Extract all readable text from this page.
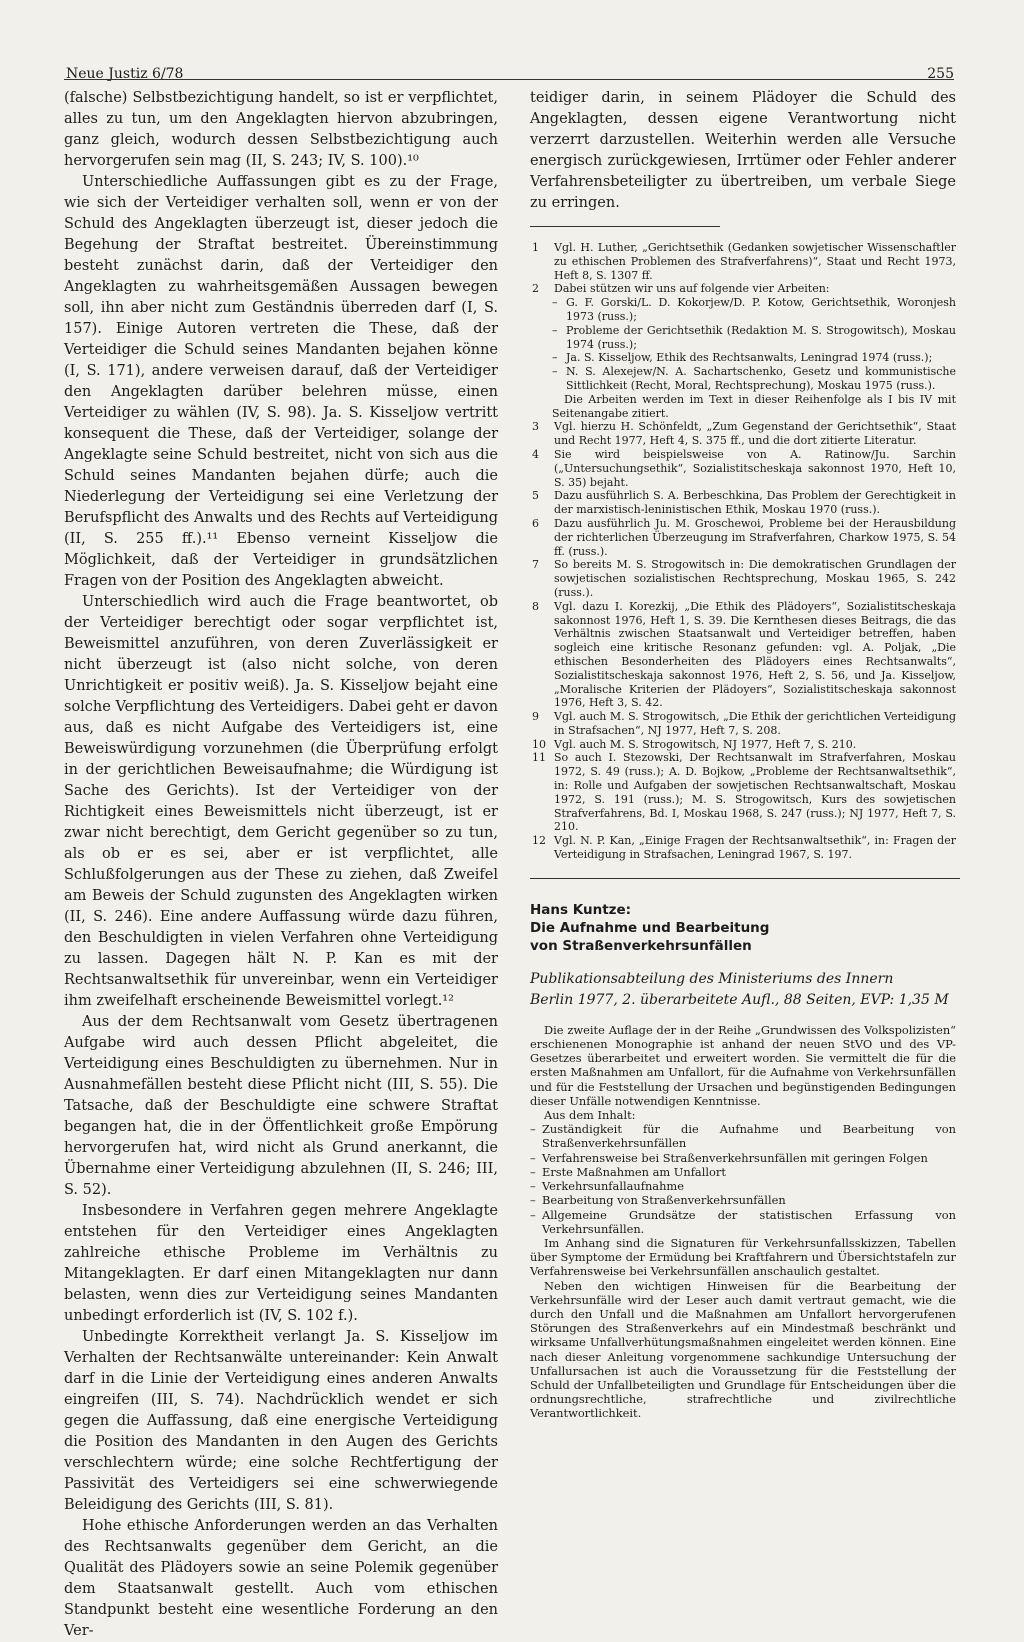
Neue Justiz 6/78	255

(falsche) Selbstbezichtigung handelt, so ist er verpflichtet, alles zu tun, um den Angeklagten hiervon abzubringen, ganz gleich, wodurch dessen Selbstbezichtigung auch hervorgerufen sein mag (II, S. 243; IV, S. 100).¹⁰

Unterschiedliche Auffassungen gibt es zu der Frage, wie sich der Verteidiger verhalten soll, wenn er von der Schuld des Angeklagten überzeugt ist, dieser jedoch die Begehung der Straftat bestreitet. Übereinstimmung besteht zunächst darin, daß der Verteidiger den Angeklagten zu wahrheitsgemäßen Aussagen bewegen soll, ihn aber nicht zum Geständnis überreden darf (I, S. 157). Einige Autoren vertreten die These, daß der Verteidiger die Schuld seines Mandanten bejahen könne (I, S. 171), andere verweisen darauf, daß der Verteidiger den Angeklagten darüber belehren müsse, einen Verteidiger zu wählen (IV, S. 98). Ja. S. Kisseljow vertritt konsequent die These, daß der Verteidiger, solange der Angeklagte seine Schuld bestreitet, nicht von sich aus die Schuld seines Mandanten bejahen dürfe; auch die Niederlegung der Verteidigung sei eine Verletzung der Berufspflicht des Anwalts und des Rechts auf Verteidigung (II, S. 255 ff.).¹¹ Ebenso verneint Kisseljow die Möglichkeit, daß der Verteidiger in grundsätzlichen Fragen von der Position des Angeklagten abweicht.

Unterschiedlich wird auch die Frage beantwortet, ob der Verteidiger berechtigt oder sogar verpflichtet ist, Beweismittel anzuführen, von deren Zuverlässigkeit er nicht überzeugt ist (also nicht solche, von deren Unrichtigkeit er positiv weiß). Ja. S. Kisseljow bejaht eine solche Verpflichtung des Verteidigers. Dabei geht er davon aus, daß es nicht Aufgabe des Verteidigers ist, eine Beweiswürdigung vorzunehmen (die Überprüfung erfolgt in der gerichtlichen Beweisaufnahme; die Würdigung ist Sache des Gerichts). Ist der Verteidiger von der Richtigkeit eines Beweismittels nicht überzeugt, ist er zwar nicht berechtigt, dem Gericht gegenüber so zu tun, als ob er es sei, aber er ist verpflichtet, alle Schlußfolgerungen aus der These zu ziehen, daß Zweifel am Beweis der Schuld zugunsten des Angeklagten wirken (II, S. 246). Eine andere Auffassung würde dazu führen, den Beschuldigten in vielen Verfahren ohne Verteidigung zu lassen. Dagegen hält N. P. Kan es mit der Rechtsanwaltsethik für unvereinbar, wenn ein Verteidiger ihm zweifelhaft erscheinende Beweismittel vorlegt.¹²

Aus der dem Rechtsanwalt vom Gesetz übertragenen Aufgabe wird auch dessen Pflicht abgeleitet, die Verteidigung eines Beschuldigten zu übernehmen. Nur in Ausnahmefällen besteht diese Pflicht nicht (III, S. 55). Die Tatsache, daß der Beschuldigte eine schwere Straftat begangen hat, die in der Öffentlichkeit große Empörung hervorgerufen hat, wird nicht als Grund anerkannt, die Übernahme einer Verteidigung abzulehnen (II, S. 246; III, S. 52).

Insbesondere in Verfahren gegen mehrere Angeklagte entstehen für den Verteidiger eines Angeklagten zahlreiche ethische Probleme im Verhältnis zu Mitangeklagten. Er darf einen Mitangeklagten nur dann belasten, wenn dies zur Verteidigung seines Mandanten unbedingt erforderlich ist (IV, S. 102 f.).

Unbedingte Korrektheit verlangt Ja. S. Kisseljow im Verhalten der Rechtsanwälte untereinander: Kein Anwalt darf in die Linie der Verteidigung eines anderen Anwalts eingreifen (III, S. 74). Nachdrücklich wendet er sich gegen die Auffassung, daß eine energische Verteidigung die Position des Mandanten in den Augen des Gerichts verschlechtern würde; eine solche Rechtfertigung der Passivität des Verteidigers sei eine schwerwiegende Beleidigung des Gerichts (III, S. 81).

Hohe ethische Anforderungen werden an das Verhalten des Rechtsanwalts gegenüber dem Gericht, an die Qualität des Plädoyers sowie an seine Polemik gegenüber dem Staatsanwalt gestellt. Auch vom ethischen Standpunkt besteht eine wesentliche Forderung an den Ver-

teidiger darin, in seinem Plädoyer die Schuld des Angeklagten, dessen eigene Verantwortung nicht verzerrt darzustellen. Weiterhin werden alle Versuche energisch zurückgewiesen, Irrtümer oder Fehler anderer Verfahrensbeteiligter zu übertreiben, um verbale Siege zu erringen.

1	Vgl. H. Luther, „Gerichtsethik (Gedanken sowjetischer Wissenschaftler zu ethischen Problemen des Strafverfahrens)“, Staat und Recht 1973, Heft 8, S. 1307 ff.
2	Dabei stützen wir uns auf folgende vier Arbeiten:
– G. F. Gorski/L. D. Kokorjew/D. P. Kotow, Gerichtsethik, Woronjesh 1973 (russ.);
– Probleme der Gerichtsethik (Redaktion M. S. Strogowitsch), Moskau 1974 (russ.);
– Ja. S. Kisseljow, Ethik des Rechtsanwalts, Leningrad 1974 (russ.);
– N. S. Alexejew/N. A. Sachartschenko, Gesetz und kommunistische Sittlichkeit (Recht, Moral, Rechtsprechung), Moskau 1975 (russ.).

Die Arbeiten werden im Text in dieser Reihenfolge als I bis IV mit Seitenangabe zitiert.

3	Vgl. hierzu H. Schönfeldt, „Zum Gegenstand der Gerichtsethik“, Staat und Recht 1977, Heft 4, S. 375 ff., und die dort zitierte Literatur.
4	Sie wird beispielsweise von A. Ratinow/Ju. Sarchin („Untersuchungsethik“, Sozialistitscheskaja sakonnost 1970, Heft 10, S. 35) bejaht.
5	Dazu ausführlich S. A. Berbeschkina, Das Problem der Gerechtigkeit in der marxistisch-leninistischen Ethik, Moskau 1970 (russ.).
6	Dazu ausführlich Ju. M. Groschewoi, Probleme bei der Herausbildung der richterlichen Überzeugung im Strafverfahren, Charkow 1975, S. 54 ff. (russ.).
7	So bereits M. S. Strogowitsch in: Die demokratischen Grundlagen der sowjetischen sozialistischen Rechtsprechung, Moskau 1965, S. 242 (russ.).
8	Vgl. dazu I. Korezkij, „Die Ethik des Plädoyers“, Sozialistitscheskaja sakonnost 1976, Heft 1, S. 39. Die Kernthesen dieses Beitrags, die das Verhältnis zwischen Staatsanwalt und Verteidiger betreffen, haben sogleich eine kritische Resonanz gefunden: vgl. A. Poljak, „Die ethischen Besonderheiten des Plädoyers eines Rechtsanwalts“, Sozialistitscheskaja sakonnost 1976, Heft 2, S. 56, und Ja. Kisseljow, „Moralische Kriterien der Plädoyers“, Sozialistitscheskaja sakonnost 1976, Heft 3, S. 42.
9	Vgl. auch M. S. Strogowitsch, „Die Ethik der gerichtlichen Verteidigung in Strafsachen“, NJ 1977, Heft 7, S. 208.
10 Vgl. auch M. S. Strogowitsch, NJ 1977, Heft 7, S. 210.
11 So auch I. Stezowski, Der Rechtsanwalt im Strafverfahren, Moskau 1972, S. 49 (russ.); A. D. Bojkow, „Probleme der Rechtsanwaltsethik“, in: Rolle und Aufgaben der sowjetischen Rechtsanwaltschaft, Moskau 1972, S. 191 (russ.); M. S. Strogowitsch, Kurs des sowjetischen Strafverfahrens, Bd. I, Moskau 1968, S. 247 (russ.); NJ 1977, Heft 7, S. 210.
12 Vgl. N. P. Kan, „Einige Fragen der Rechtsanwaltsethik“, in: Fragen der Verteidigung in Strafsachen, Leningrad 1967, S. 197.

Hans Kuntze:

Die Aufnahme und Bearbeitung

von Straßenverkehrsunfällen

Publikationsabteilung des Ministeriums des Innern
Berlin 1977, 2. überarbeitete Aufl., 88 Seiten, EVP: 1,35 M

Die zweite Auflage der in der Reihe „Grundwissen des Volkspolizisten“ erschienenen Monographie ist anhand der neuen StVO und des VP-Gesetzes überarbeitet und erweitert worden. Sie vermittelt die für die ersten Maßnahmen am Unfallort, für die Aufnahme von Verkehrsunfällen und für die Feststellung der Ursachen und begünstigenden Bedingungen dieser Unfälle notwendigen Kenntnisse.

Aus dem Inhalt:

– Zuständigkeit für die Aufnahme und Bearbeitung von Straßenverkehrsunfällen
– Verfahrensweise bei Straßenverkehrsunfällen mit geringen Folgen
– Erste Maßnahmen am Unfallort
– Verkehrsunfallaufnahme
– Bearbeitung von Straßenverkehrsunfällen
– Allgemeine Grundsätze der statistischen Erfassung von Verkehrsunfällen.

Im Anhang sind die Signaturen für Verkehrsunfallsskizzen, Tabellen über Symptome der Ermüdung bei Kraftfahrern und Übersichtstafeln zur Verfahrensweise bei Verkehrsunfällen anschaulich gestaltet.

Neben den wichtigen Hinweisen für die Bearbeitung der Verkehrsunfälle wird der Leser auch damit vertraut gemacht, wie die durch den Unfall und die Maßnahmen am Unfallort hervorgerufenen Störungen des Straßenverkehrs auf ein Mindestmaß beschränkt und wirksame Unfallverhütungsmaßnahmen eingeleitet werden können. Eine nach dieser Anleitung vorgenommene sachkundige Untersuchung der Unfallursachen ist auch die Voraussetzung für die Feststellung der Schuld der Unfallbeteiligten und Grundlage für Entscheidungen über die ordnungsrechtliche, strafrechtliche und zivilrechtliche Verantwortlichkeit.
